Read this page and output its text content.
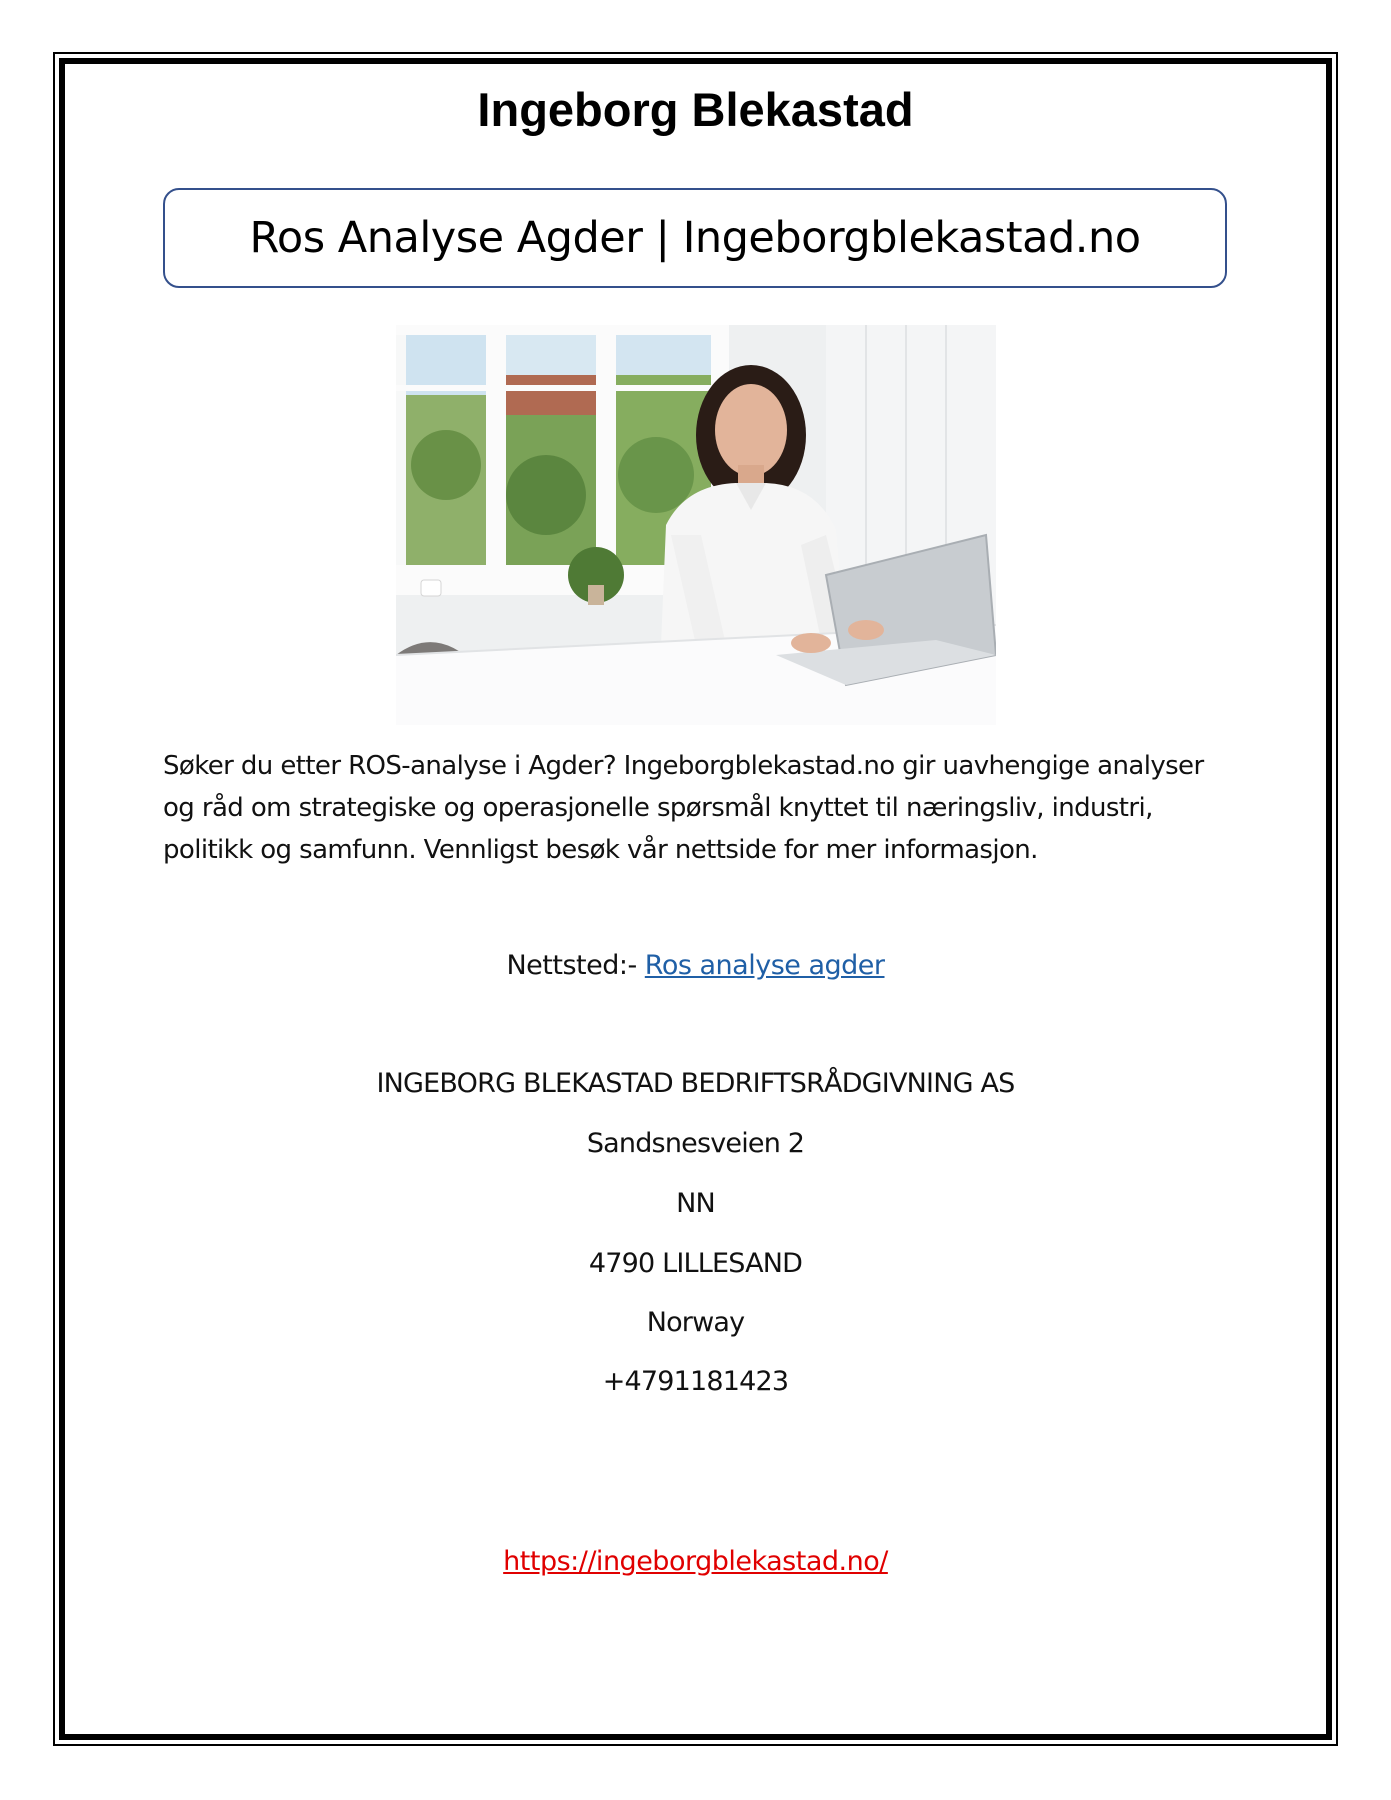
Ingeborg Blekastad
Ros Analyse Agder | Ingeborgblekastad.no
Søker du etter ROS-analyse i Agder? Ingeborgblekastad.no gir uavhengige analyser og råd om strategiske og operasjonelle spørsmål knyttet til næringsliv, industri, politikk og samfunn. Vennligst besøk vår nettside for mer informasjon.
Nettsted:- Ros analyse agder
INGEBORG BLEKASTAD BEDRIFTSRÅDGIVNING AS
Sandsnesveien 2
NN
4790 LILLESAND
Norway
+4791181423
https://ingeborgblekastad.no/
